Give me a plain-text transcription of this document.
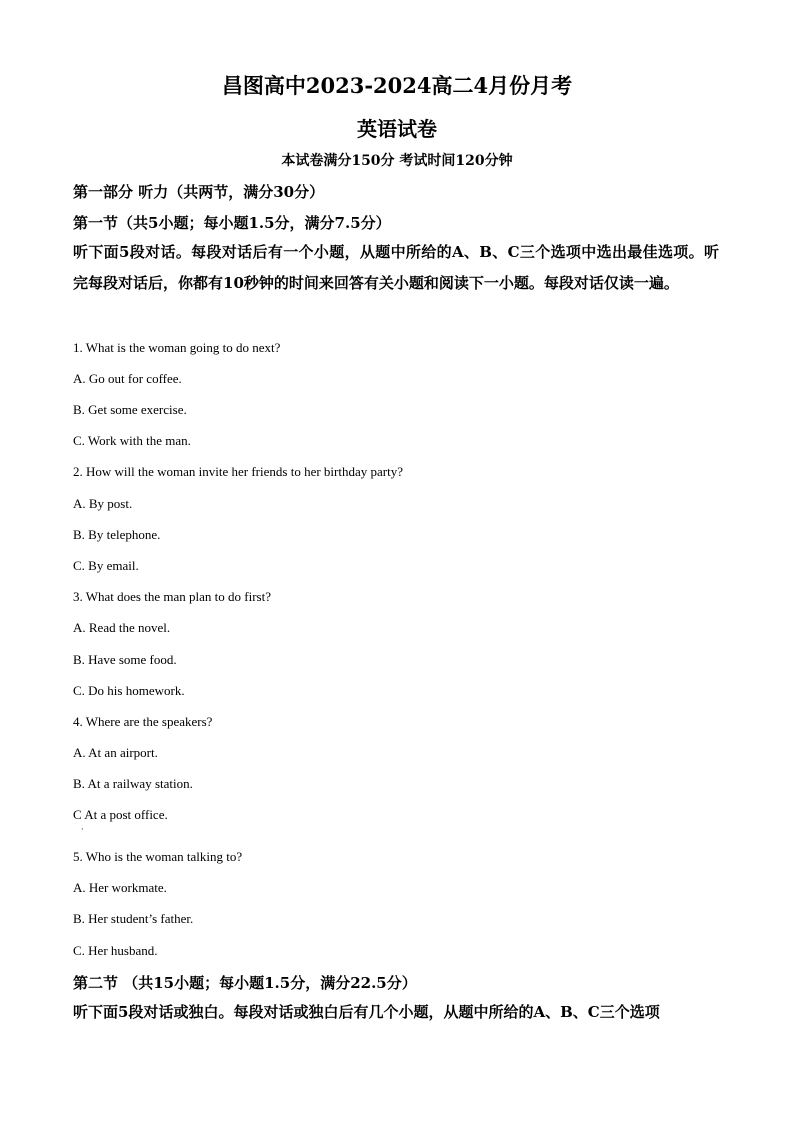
昌图高中2023-2024高二4月份月考
英语试卷
本试卷满分150分 考试时间120分钟
第一部分 听力（共两节，满分30分）
第一节（共5小题；每小题1.5分，满分7.5分）
听下面5段对话。每段对话后有一个小题，从题中所给的A、B、C三个选项中选出最佳选项。听完每段对话后，你都有10秒钟的时间来回答有关小题和阅读下一小题。每段对话仅读一遍。
1. What is the woman going to do next?
A. Go out for coffee.
B. Get some exercise.
C. Work with the man.
2. How will the woman invite her friends to her birthday party?
A. By post.
B. By telephone.
C. By email.
3. What does the man plan to do first?
A. Read the novel.
B. Have some food.
C. Do his homework.
4. Where are the speakers?
A. At an airport.
B. At a railway station.
C At a post office.
·
5. Who is the woman talking to?
A. Her workmate.
B. Her student’s father.
C. Her husband.
第二节 （共15小题；每小题1.5分，满分22.5分）
听下面5段对话或独白。每段对话或独白后有几个小题，从题中所给的A、B、C三个选项
